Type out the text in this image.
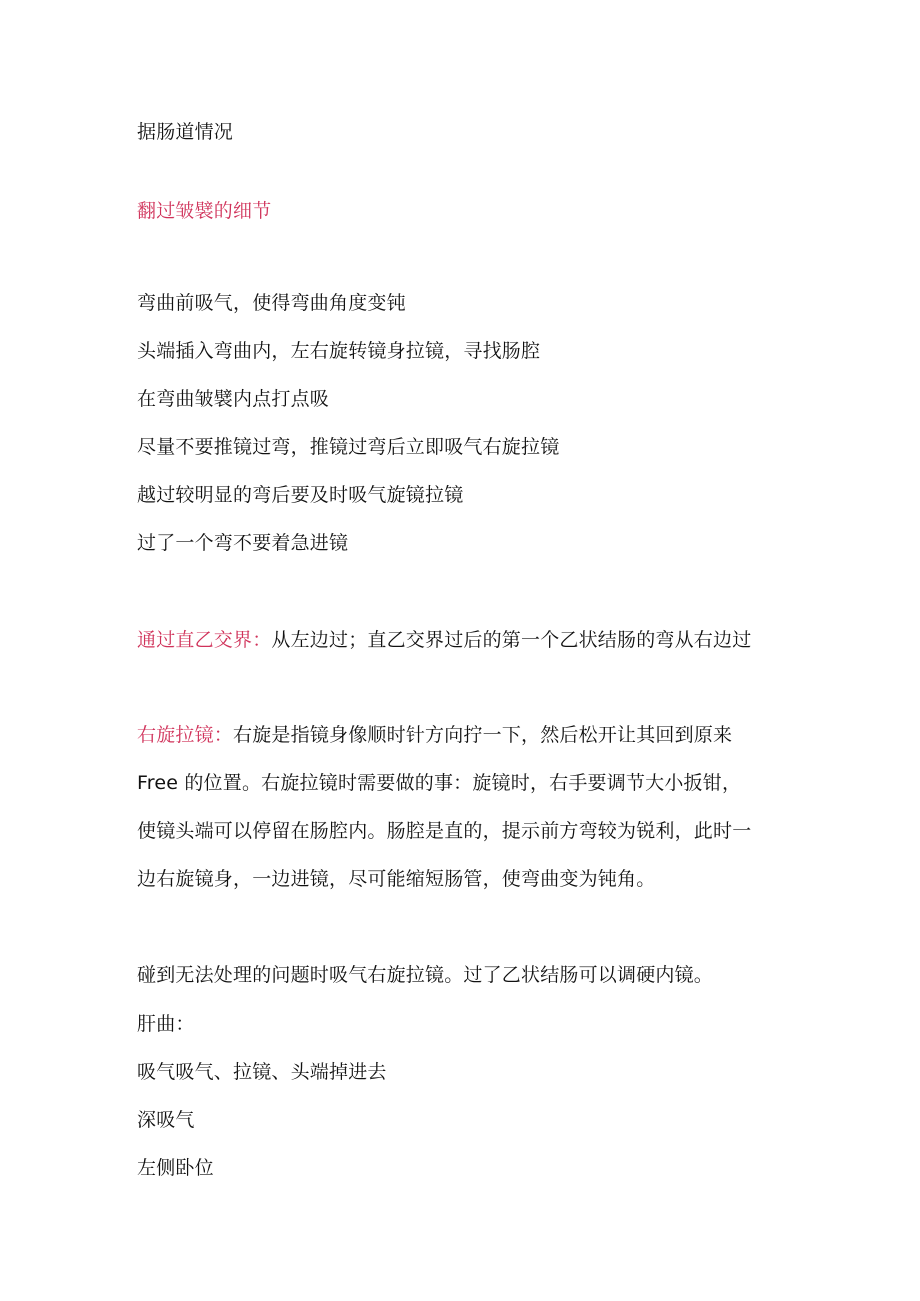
据肠道情况
翻过皱襞的细节
弯曲前吸气，使得弯曲角度变钝
头端插入弯曲内，左右旋转镜身拉镜，寻找肠腔
在弯曲皱襞内点打点吸
尽量不要推镜过弯，推镜过弯后立即吸气右旋拉镜
越过较明显的弯后要及时吸气旋镜拉镜
过了一个弯不要着急进镜
通过直乙交界：从左边过；直乙交界过后的第一个乙状结肠的弯从右边过
右旋拉镜：右旋是指镜身像顺时针方向拧一下，然后松开让其回到原来
Free 的位置。右旋拉镜时需要做的事：旋镜时，右手要调节大小扳钳，
使镜头端可以停留在肠腔内。肠腔是直的，提示前方弯较为锐利，此时一
边右旋镜身，一边进镜，尽可能缩短肠管，使弯曲变为钝角。
碰到无法处理的问题时吸气右旋拉镜。过了乙状结肠可以调硬内镜。
肝曲：
吸气吸气、拉镜、头端掉进去
深吸气
左侧卧位
